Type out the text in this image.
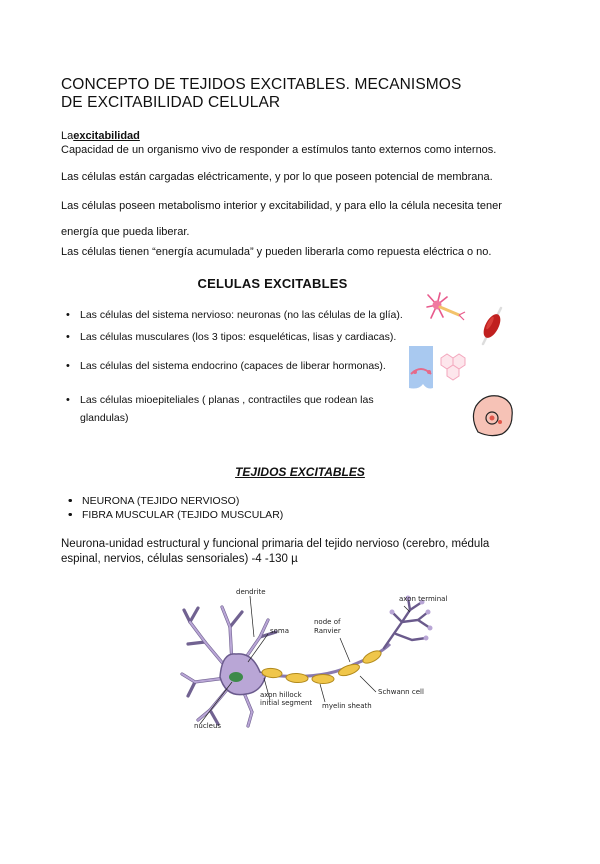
CONCEPTO DE TEJIDOS EXCITABLES. MECANISMOS DE EXCITABILIDAD CELULAR
Laexcitabilidad
Capacidad de un organismo vivo de responder a estímulos tanto externos como internos.
Las células están cargadas eléctricamente, y por lo que poseen potencial de membrana.
Las células poseen metabolismo interior y excitabilidad, y para ello la célula necesita tener
energía que pueda liberar.
Las células tienen “energía acumulada” y pueden liberarla como repuesta eléctrica o no.
CELULAS EXCITABLES
• Las células del sistema nervioso: neuronas (no las células de la glía).
• Las células musculares (los 3 tipos: esqueléticas, lisas y cardiacas).
• Las células del sistema endocrino (capaces de liberar hormonas).
• Las células mioepiteliales ( planas , contractiles que rodean las
glandulas)
TEJIDOS EXCITABLES
• • NEURONA (TEJIDO NERVIOSO)
• • FIBRA MUSCULAR (TEJIDO MUSCULAR)
Neurona-unidad estructural y funcional primaria del tejido nervioso (cerebro, médula
espinal, nervios, células sensoriales) -4 -130 µ
dendrite
soma
node of
Ranvier
axon terminal
Schwann cell
axon hillock
initial segment myelin sheath
nucleus
